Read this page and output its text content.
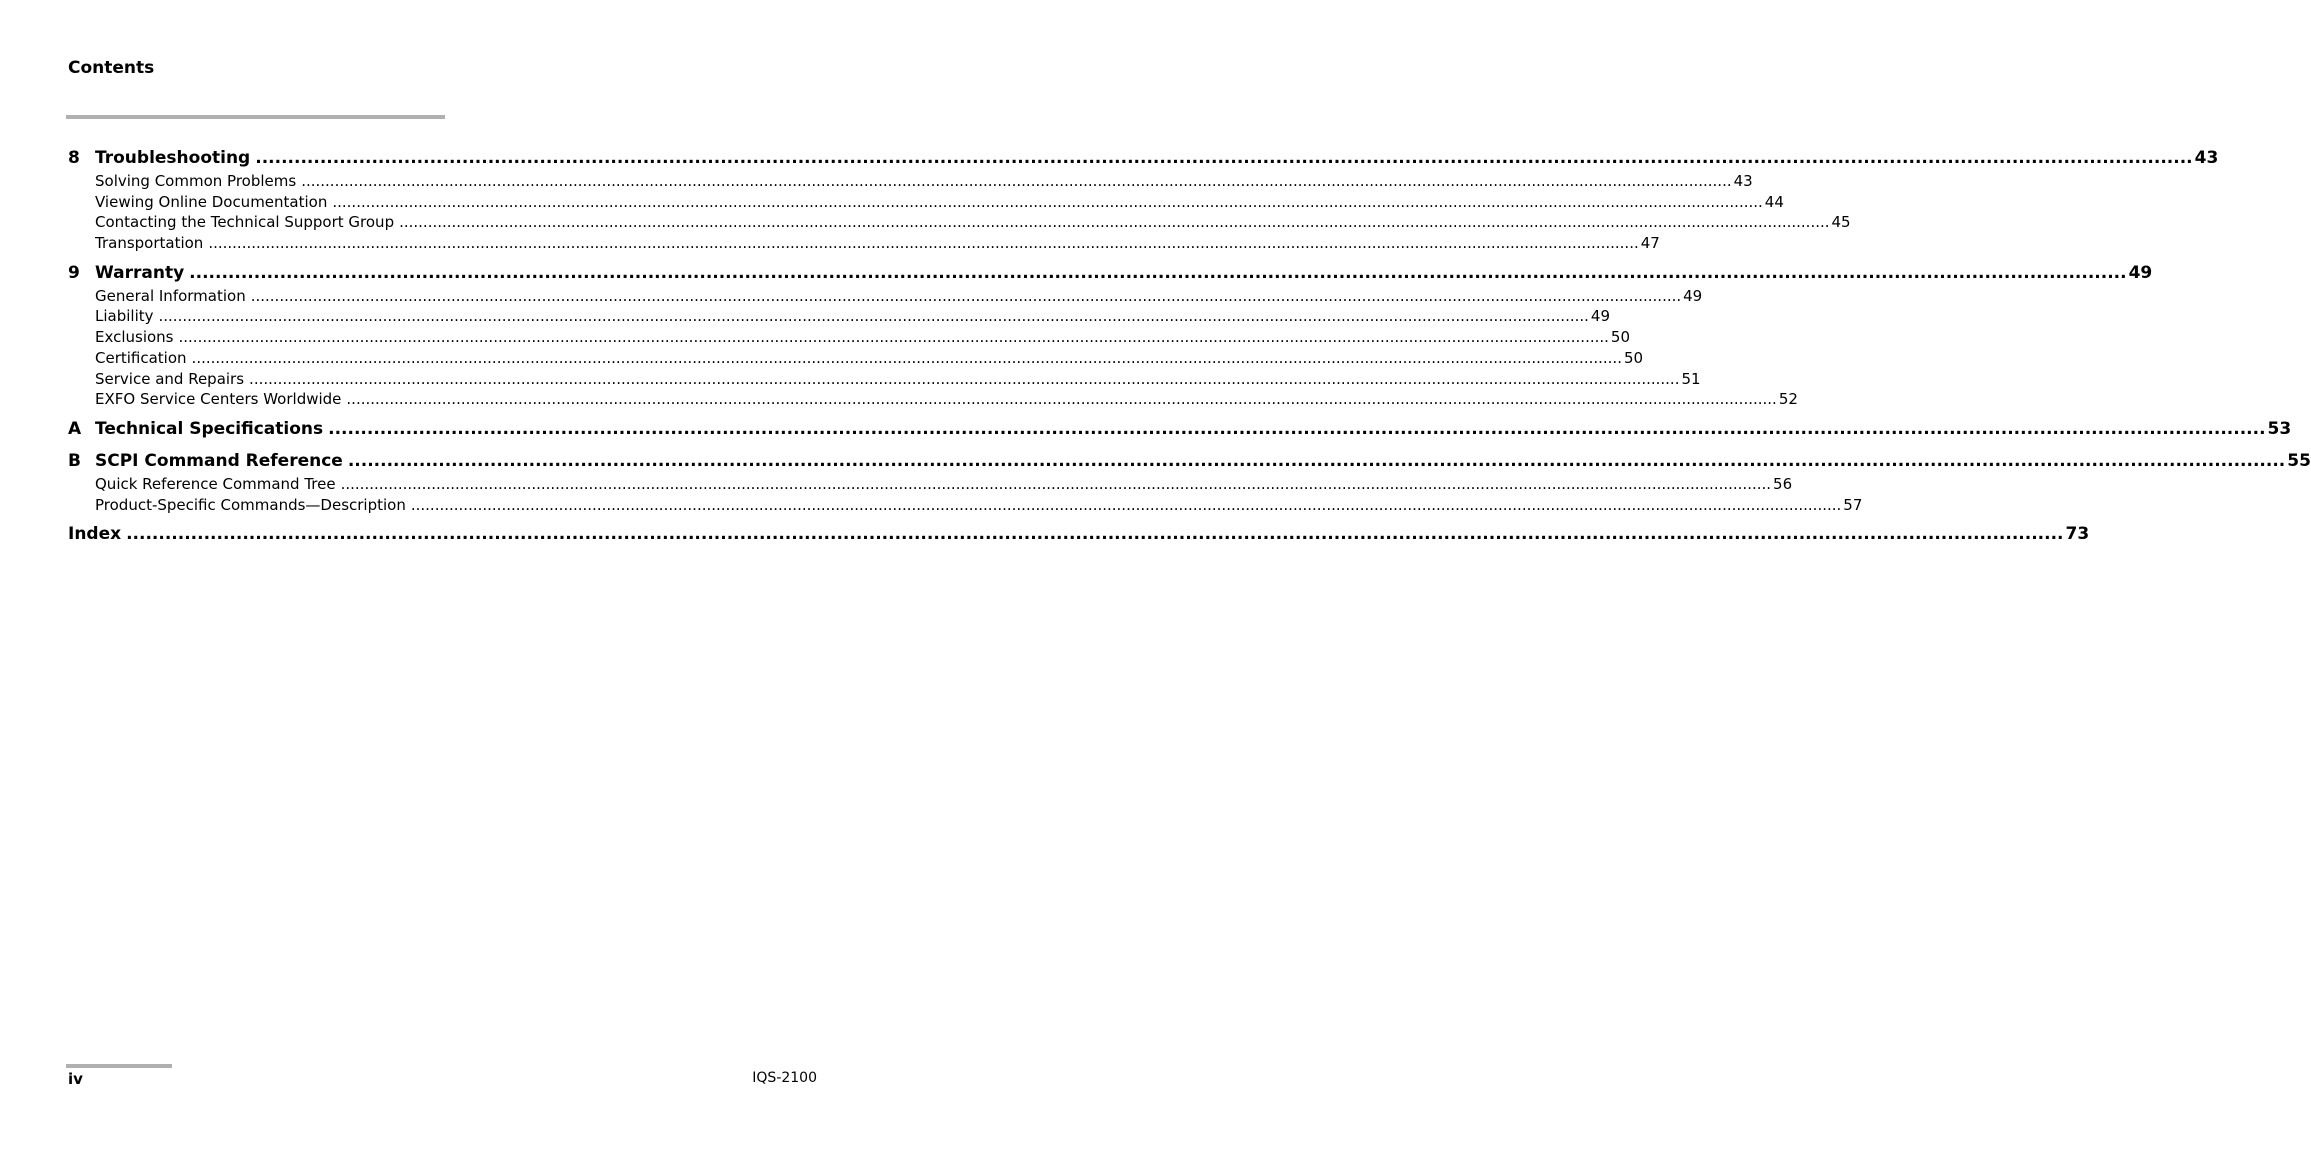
Contents
8 Troubleshooting ............................................................................................................................................................................................................................................................................................................ 43
Solving Common Problems ............................................................................................................................................................................................................................................................................................................ 43
Viewing Online Documentation ............................................................................................................................................................................................................................................................................................................ 44
Contacting the Technical Support Group ............................................................................................................................................................................................................................................................................................................ 45
Transportation ............................................................................................................................................................................................................................................................................................................ 47
9 Warranty ............................................................................................................................................................................................................................................................................................................ 49
General Information ............................................................................................................................................................................................................................................................................................................ 49
Liability ............................................................................................................................................................................................................................................................................................................ 49
Exclusions ............................................................................................................................................................................................................................................................................................................ 50
Certification ............................................................................................................................................................................................................................................................................................................ 50
Service and Repairs ............................................................................................................................................................................................................................................................................................................ 51
EXFO Service Centers Worldwide ............................................................................................................................................................................................................................................................................................................ 52
A Technical Specifications ............................................................................................................................................................................................................................................................................................................ 53
B SCPI Command Reference ............................................................................................................................................................................................................................................................................................................ 55
Quick Reference Command Tree ............................................................................................................................................................................................................................................................................................................ 56
Product-Specific Commands—Description ............................................................................................................................................................................................................................................................................................................ 57
Index ............................................................................................................................................................................................................................................................................................................ 73
iv	IQS-2100
